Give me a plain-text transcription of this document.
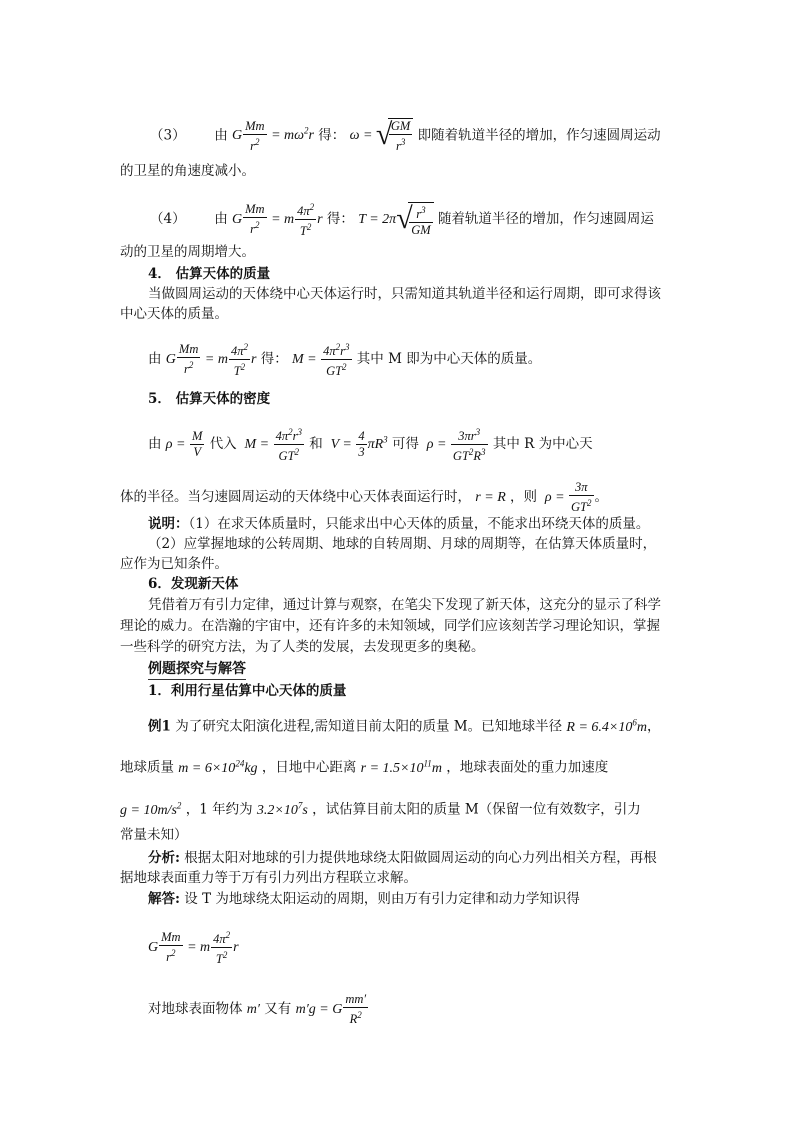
（3） 由 G $\frac{Mm}{r^2} = m\omega^2r$ 得： ω = √
$\frac{GM}{r^3}$ 即随着轨道半径的增加，作匀速圆周运动
的卫星的角速度减小。
（4） 由 G $\frac{Mm}{r^2} = m \frac{4\pi^2}{T^2}$ r 得： T = 2π √
$\frac{r^3}{GM}$ 随着轨道半径的增加，作匀速圆周运
动的卫星的周期增大。
4． 估算天体的质量
当做圆周运动的天体绕中心天体运行时，只需知道其轨道半径和运行周期，即可求得该
中心天体的质量。
由 G $\frac{Mm}{r^2} = m \frac{4\pi^2}{T^2}$ r 得： $M = \frac{4\pi^2r^3}{GT^2}$ 其中 M 即为中心天体的质量。
5． 估算天体的密度
由 $\rho = \frac{M}{V}$ 代入  $M = \frac{4\pi^2r^3}{GT^2}$ 和  $V = \frac{4}{3} \pi R^3$ 可得  $\rho = \frac{3\pi r^3}{GT^2R^3}$ 其中 R 为中心天
体的半径。当匀速圆周运动的天体绕中心天体表面运行时， r = R ，则  $\rho = \frac{3\pi}{GT^2}$ 。
说明：（1）在求天体质量时，只能求出中心天体的质量，不能求出环绕天体的质量。
（2）应掌握地球的公转周期、地球的自转周期、月球的周期等，在估算天体质量时，
应作为已知条件。
6．发现新天体
凭借着万有引力定律，通过计算与观察，在笔尖下发现了新天体，这充分的显示了科学
理论的威力。在浩瀚的宇宙中，还有许多的未知领域，同学们应该刻苦学习理论知识，掌握
一些科学的研究方法，为了人类的发展，去发现更多的奥秘。
例题探究与解答
1．利用行星估算中心天体的质量
例1 为了研究太阳演化进程,需知道目前太阳的质量 M。已知地球半径 $R = 6.4\times 10^6m$，
地球质量 $m = 6\times 10^{24}kg$ ，日地中心距离 $r = 1.5\times 10^{11}m$ ，地球表面处的重力加速度
$g = 10m/s^2$ ，1 年约为 $3.2\times 10^7s$ ，试估算目前太阳的质量 M（保留一位有效数字，引力
常量未知）
分析: 根据太阳对地球的引力提供地球绕太阳做圆周运动的向心力列出相关方程，再根
据地球表面重力等于万有引力列出方程联立求解。
解答: 设 T 为地球绕太阳运动的周期，则由万有引力定律和动力学知识得
G $\frac{Mm}{r^2} = m \frac{4\pi^2}{T^2}$ r
对地球表面物体 m′ 又有 m′g = G $\frac{mm'}{R^2}$
